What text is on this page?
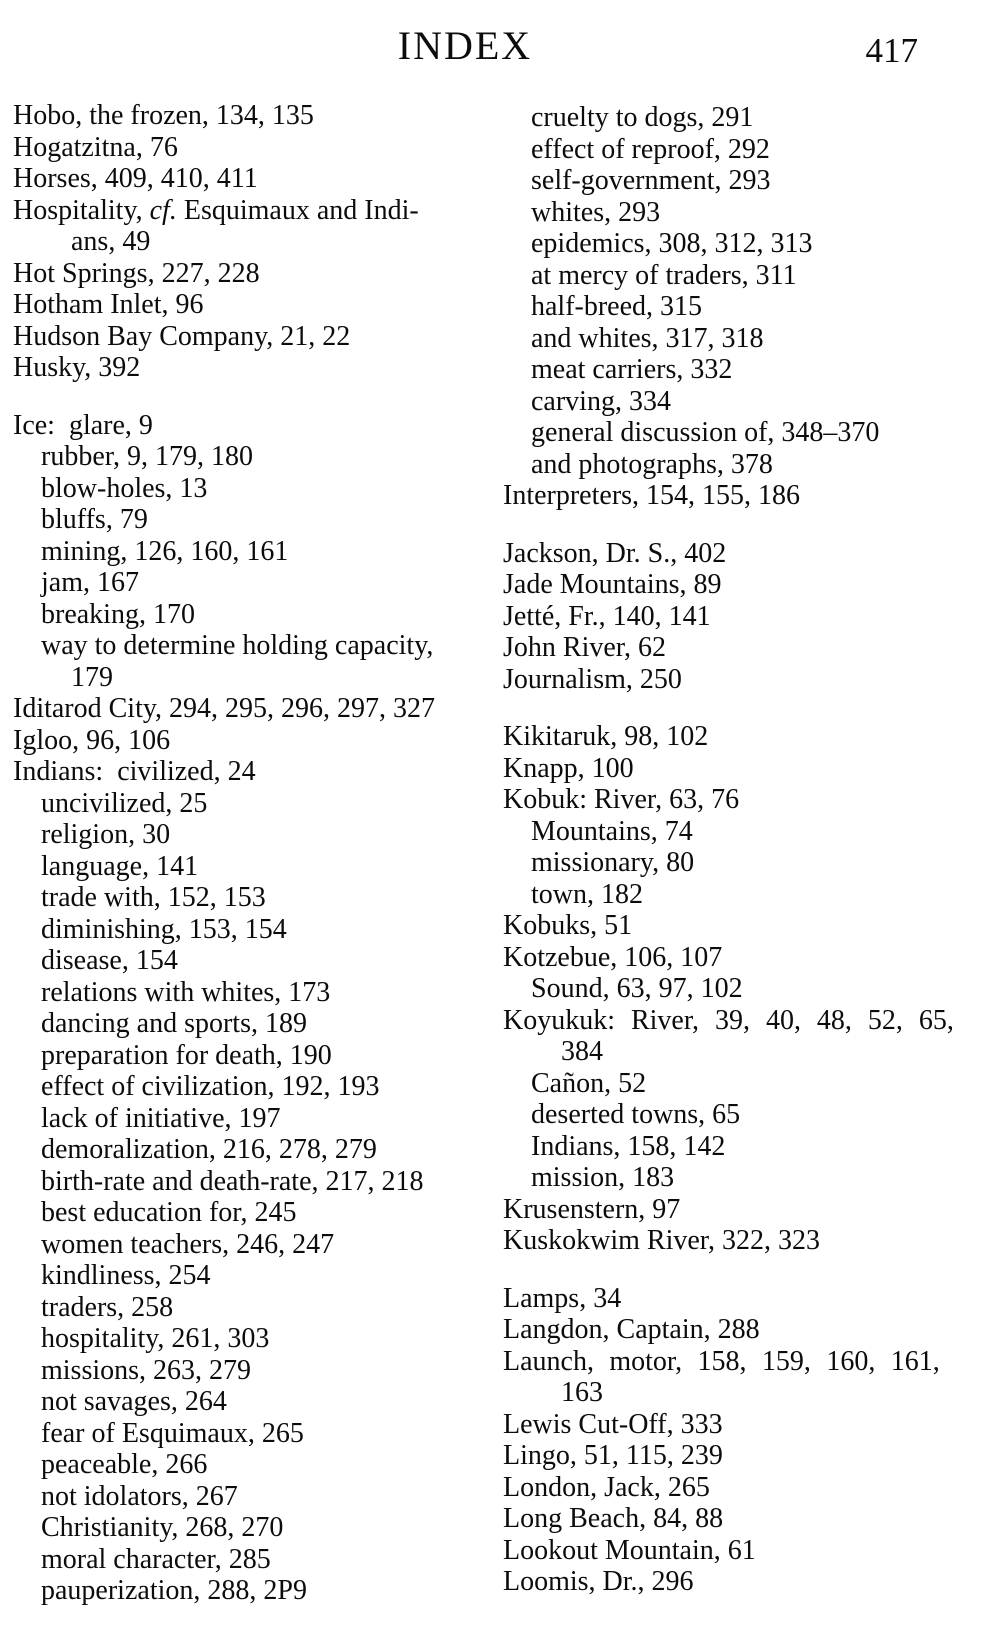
INDEX	417
Hobo, the frozen, 134, 135
Hogatzitna, 76
Horses, 409, 410, 411
Hospitality, cf. Esquimaux and Indi-
ans, 49
Hot Springs, 227, 228
Hotham Inlet, 96
Hudson Bay Company, 21, 22
Husky, 392
Ice:  glare, 9
rubber, 9, 179, 180
blow-holes, 13
bluffs, 79
mining, 126, 160, 161
jam, 167
breaking, 170
way to determine holding capacity,
179
Iditarod City, 294, 295, 296, 297, 327
Igloo, 96, 106
Indians:  civilized, 24
uncivilized, 25
religion, 30
language, 141
trade with, 152, 153
diminishing, 153, 154
disease, 154
relations with whites, 173
dancing and sports, 189
preparation for death, 190
effect of civilization, 192, 193
lack of initiative, 197
demoralization, 216, 278, 279
birth-rate and death-rate, 217, 218
best education for, 245
women teachers, 246, 247
kindliness, 254
traders, 258
hospitality, 261, 303
missions, 263, 279
not savages, 264
fear of Esquimaux, 265
peaceable, 266
not idolators, 267
Christianity, 268, 270
moral character, 285
pauperization, 288, 2P9
cruelty to dogs, 291
effect of reproof, 292
self-government, 293
whites, 293
epidemics, 308, 312, 313
at mercy of traders, 311
half-breed, 315
and whites, 317, 318
meat carriers, 332
carving, 334
general discussion of, 348–370
and photographs, 378
Interpreters, 154, 155, 186
Jackson, Dr. S., 402
Jade Mountains, 89
Jetté, Fr., 140, 141
John River, 62
Journalism, 250
Kikitaruk, 98, 102
Knapp, 100
Kobuk: River, 63, 76
Mountains, 74
missionary, 80
town, 182
Kobuks, 51
Kotzebue, 106, 107
Sound, 63, 97, 102
Koyukuk: River, 39, 40, 48, 52, 65,
384
Cañon, 52
deserted towns, 65
Indians, 158, 142
mission, 183
Krusenstern, 97
Kuskokwim River, 322, 323
Lamps, 34
Langdon, Captain, 288
Launch, motor, 158, 159, 160, 161,
163
Lewis Cut-Off, 333
Lingo, 51, 115, 239
London, Jack, 265
Long Beach, 84, 88
Lookout Mountain, 61
Loomis, Dr., 296
